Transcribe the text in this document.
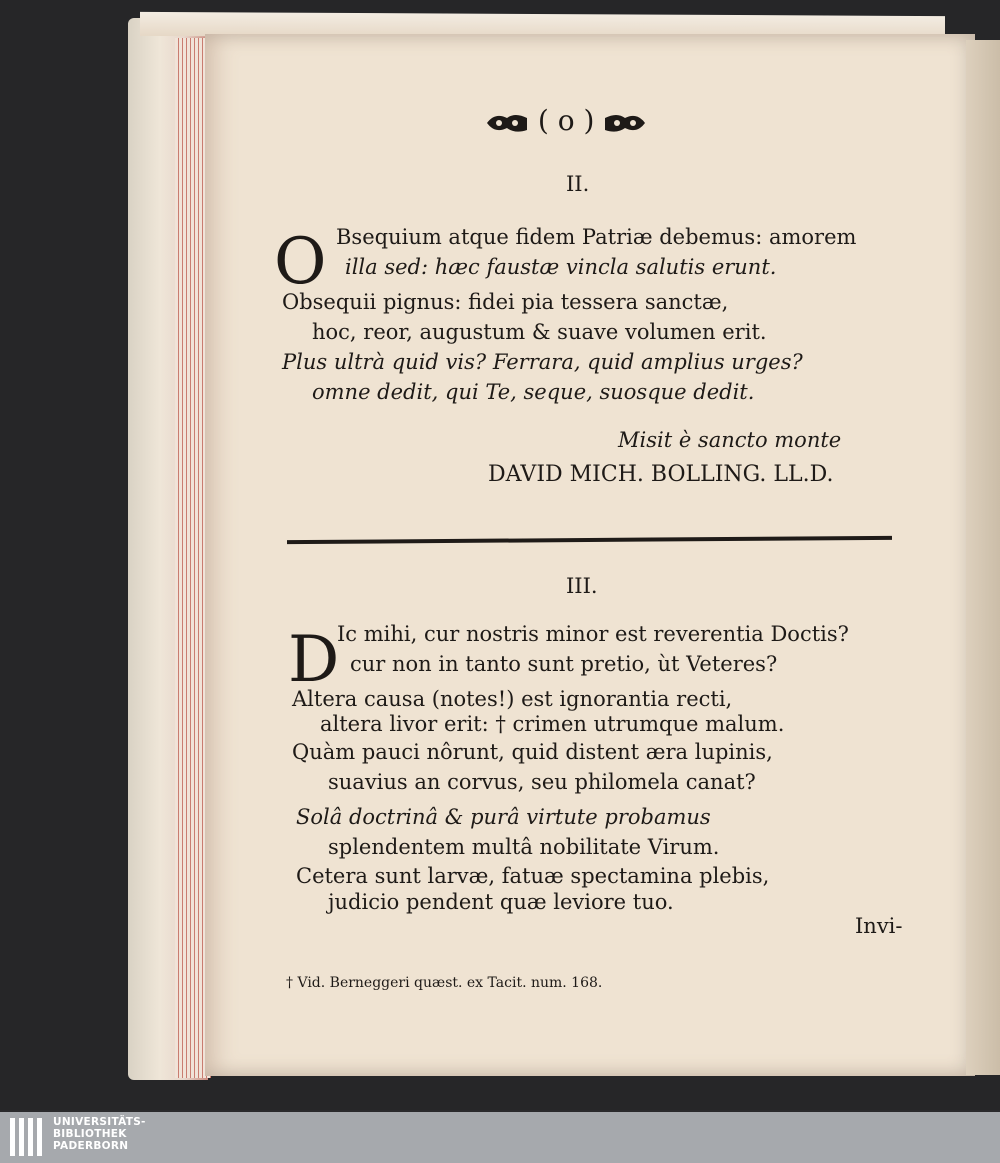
( o )
II.
O Bsequium atque fidem Patriæ debemus: amorem
illa sed: hæc faustæ vincla salutis erunt.
Obsequii pignus: fidei pia tessera sanctæ,
hoc, reor, augustum & suave volumen erit.
Plus ultrà quid vis? Ferrara, quid amplius urges?
omne dedit, qui Te, seque, suosque dedit.
Misit è sancto monte
DAVID MICH. BOLLING. LL.D.
III.
D
Ic mihi, cur nostris minor est reverentia Doctis?
cur non in tanto sunt pretio, ùt Veteres?
Altera causa (notes!) est ignorantia recti,
altera livor erit: † crimen utrumque malum.
Quàm pauci nôrunt, quid distent æra lupinis,
suavius an corvus, seu philomela canat?
Solâ doctrinâ & purâ virtute probamus
splendentem multâ nobilitate Virum.
Cetera sunt larvæ, fatuæ spectamina plebis,
judicio pendent quæ leviore tuo.
Invi-
† Vid. Berneggeri quæst. ex Tacit. num. 168.
UNIVERSITÄTS-
BIBLIOTHEK
PADERBORN
